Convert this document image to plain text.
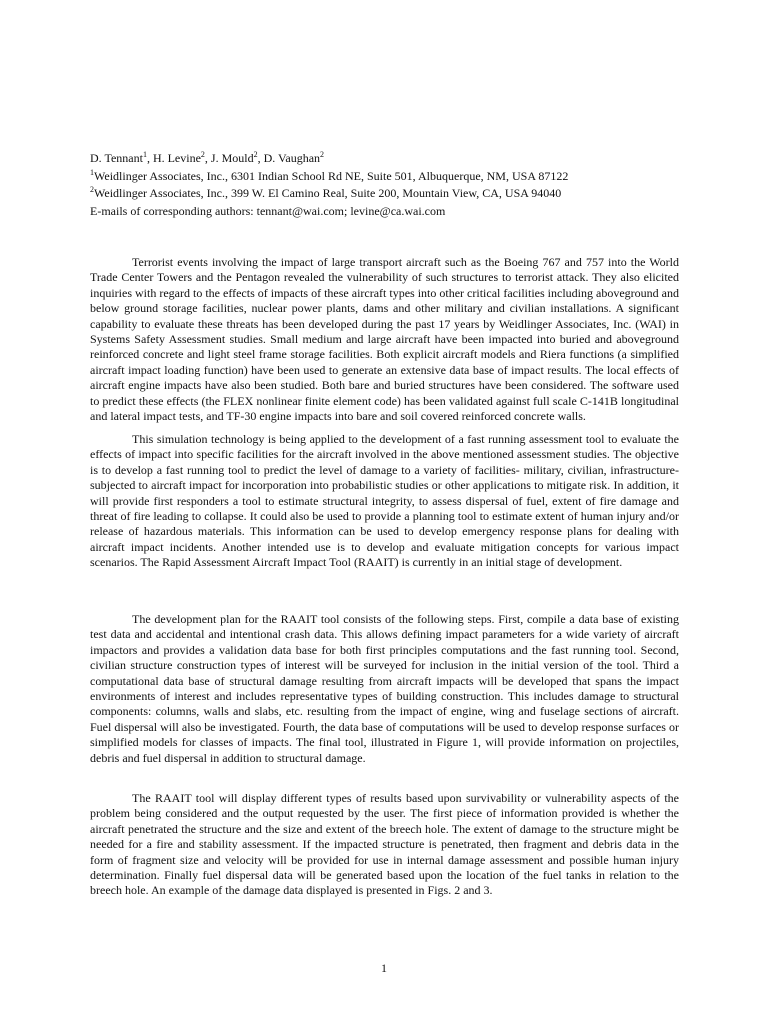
D. Tennant$^1$, H. Levine$^2$, J. Mould$^2$, D. Vaughan$^2$
$^1$Weidlinger Associates, Inc., 6301 Indian School Rd NE, Suite 501, Albuquerque, NM, USA 87122
$^2$Weidlinger Associates, Inc., 399 W. El Camino Real, Suite 200, Mountain View, CA, USA 94040
E-mails of corresponding authors: tennant@wai.com; levine@ca.wai.com

Terrorist events involving the impact of large transport aircraft such as the Boeing 767 and 757 into the World Trade Center Towers and the Pentagon revealed the vulnerability of such structures to terrorist attack. They also elicited inquiries with regard to the effects of impacts of these aircraft types into other critical facilities including aboveground and below ground storage facilities, nuclear power plants, dams and other military and civilian installations. A significant capability to evaluate these threats has been developed during the past 17 years by Weidlinger Associates, Inc. (WAI) in Systems Safety Assessment studies. Small medium and large aircraft have been impacted into buried and aboveground reinforced concrete and light steel frame storage facilities. Both explicit aircraft models and Riera functions (a simplified aircraft impact loading function) have been used to generate an extensive data base of impact results. The local effects of aircraft engine impacts have also been studied. Both bare and buried structures have been considered. The software used to predict these effects (the FLEX nonlinear finite element code) has been validated against full scale C-141B longitudinal and lateral impact tests, and TF-30 engine impacts into bare and soil covered reinforced concrete walls.

This simulation technology is being applied to the development of a fast running assessment tool to evaluate the effects of impact into specific facilities for the aircraft involved in the above mentioned assessment studies. The objective is to develop a fast running tool to predict the level of damage to a variety of facilities- military, civilian, infrastructure- subjected to aircraft impact for incorporation into probabilistic studies or other applications to mitigate risk. In addition, it will provide first responders a tool to estimate structural integrity, to assess dispersal of fuel, extent of fire damage and threat of fire leading to collapse. It could also be used to provide a planning tool to estimate extent of human injury and/or release of hazardous materials. This information can be used to develop emergency response plans for dealing with aircraft impact incidents. Another intended use is to develop and evaluate mitigation concepts for various impact scenarios. The Rapid Assessment Aircraft Impact Tool (RAAIT) is currently in an initial stage of development.

The development plan for the RAAIT tool consists of the following steps. First, compile a data base of existing test data and accidental and intentional crash data. This allows defining impact parameters for a wide variety of aircraft impactors and provides a validation data base for both first principles computations and the fast running tool. Second, civilian structure construction types of interest will be surveyed for inclusion in the initial version of the tool. Third a computational data base of structural damage resulting from aircraft impacts will be developed that spans the impact environments of interest and includes representative types of building construction. This includes damage to structural components: columns, walls and slabs, etc. resulting from the impact of engine, wing and fuselage sections of aircraft. Fuel dispersal will also be investigated. Fourth, the data base of computations will be used to develop response surfaces or simplified models for classes of impacts. The final tool, illustrated in Figure 1, will provide information on projectiles, debris and fuel dispersal in addition to structural damage.

The RAAIT tool will display different types of results based upon survivability or vulnerability aspects of the problem being considered and the output requested by the user. The first piece of information provided is whether the aircraft penetrated the structure and the size and extent of the breech hole. The extent of damage to the structure might be needed for a fire and stability assessment. If the impacted structure is penetrated, then fragment and debris data in the form of fragment size and velocity will be provided for use in internal damage assessment and possible human injury determination. Finally fuel dispersal data will be generated based upon the location of the fuel tanks in relation to the breech hole. An example of the damage data displayed is presented in Figs. 2 and 3.

1
